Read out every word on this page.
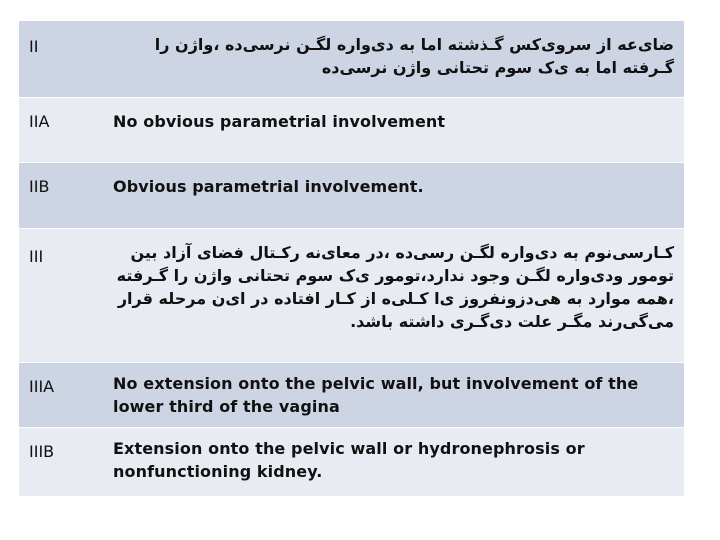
II	ضای‌عه از سروی‌کس گـذشته اما به دی‌واره لگـن نرسی‌ده ،واژن را گـرفته اما به ی‌ک سوم تحتانی واژن نرسی‌ده
IIA	No obvious parametrial involvement
IIB	Obvious parametrial involvement.
III	کـارسی‌نوم به دی‌واره لگـن رسی‌ده ،در معای‌نه رکـتال فضای آزاد بین تومور ودی‌واره لگـن وجود ندارد،تومور ی‌ک سوم تحتانی واژن را گـرفته ،همه موارد به هی‌دزونفروز ی‌ا کـلی‌ه از کـار افتاده در ای‌ن مرحله قرار می‌گی‌رند مگـر علت دی‌گـری داشته باشد.
IIIA	No extension onto the pelvic wall, but involvement of the lower third of the vagina
IIIB	Extension onto the pelvic wall or hydronephrosis or nonfunctioning kidney.
